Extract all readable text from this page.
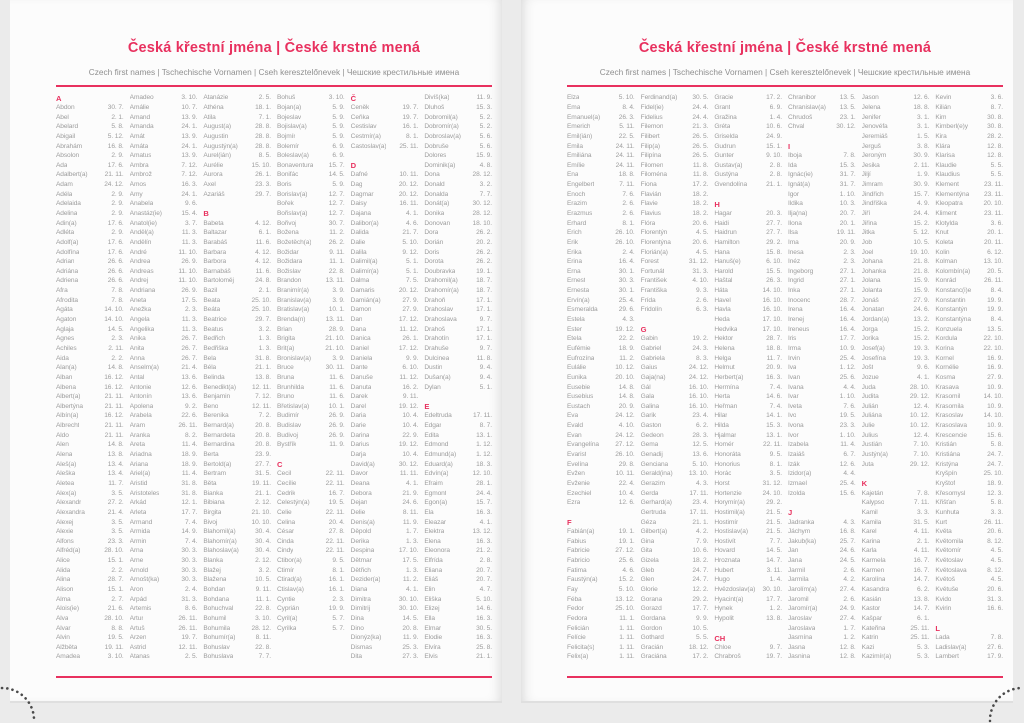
Česká křestní jména | České krstné mená
Czech first names | Tschechische Vornamen | Cseh keresztelőnevek | Чешские крестильные имена
A
Abdon	30. 7.
Ábel	2. 1.
Abelard	5. 8.
Abigail	5. 12.
Abrahám	16. 8.
Absolon	2. 9.
Ada	17. 6.
Adalbert(a)	21. 11.
Adam	24. 12.
Adéla	2. 9.
Adelaida	2. 9.
Adelina	2. 9.
Adin(a)	17. 6.
Adléta	2. 9.
Adolf(a)	17. 6.
Adolfína	17. 6.
Adrian	26. 6.
Adriána	26. 6.
Adriena	26. 6.
Afra	7. 8.
Afrodita	7. 8.
Agáta	14. 10.
Agaton	14. 10.
Aglaja	14. 5.
Agnes	2. 3.
Achiles	2. 11.
Aida	2. 2.
Alan(a)	14. 8.
Alban	16. 12.
Albena	16. 12.
Albert(a)	21. 11.
Albertýna	21. 11.
Albín(a)	16. 12.
Albrecht	21. 11.
Aldo	21. 11.
Alen	14. 8.
Alena	13. 8.
Aleš(a)	13. 4.
Aleška	13. 4.
Aletea	11. 7.
Alex(a)	3. 5.
Alexandr	27. 2.
Alexandra	21. 4.
Alexej	3. 5.
Alexie	3. 5.
Alfons	23. 3.
Alfréd(a)	28. 10.
Alice	15. 1.
Alida	2. 2.
Alina	28. 7.
Alison	15. 1.
Alma	2. 7.
Alois(ie)	21. 6.
Alva	28. 10.
Alvar	8. 8.
Alvin	19. 5.
Alžběta	19. 11.
Amadea	3. 10.
Amadeo	3. 10.
Amálie	10. 7.
Amand	13. 9.
Amanda	24. 1.
Amát	13. 9.
Amáta	24. 1.
Amatus	13. 9.
Ambra	7. 12.
Ambrož	7. 12.
Ámos	16. 3.
Amy	24. 1.
Anabela	9. 6.
Anastáz(ie)	15. 4.
Anatol(ie)	3. 7.
Anděl(a)	11. 3.
Andělín	11. 3.
André	11. 10.
Andrea	26. 9.
Andreas	11. 10.
Andrej	11. 10.
Andriana	26. 9.
Aneta	17. 5.
Anežka	2. 3.
Angela	11. 3.
Angelika	11. 3.
Anika	26. 7.
Anita	26. 7.
Anna	26. 7.
Anselm(a)	21. 4.
Antal	13. 6.
Antonie	12. 6.
Antonín	13. 6.
Apolena	9. 2.
Arabela	22. 6.
Aram	26. 11.
Aranka	8. 2.
Areta	11. 4.
Ariadna	18. 9.
Ariana	18. 9.
Ariel(a)	11. 4.
Aristid	31. 8.
Aristoteles	31. 8.
Arkád	12. 1.
Arleta	17. 7.
Armand	7. 4.
Armida	14. 9.
Armin	7. 4.
Arna	30. 3.
Arne	30. 3.
Arnold	30. 3.
Arnošt(ka)	30. 3.
Áron	2. 4.
Arpád	31. 3.
Artemis	8. 6.
Artur	26. 11.
Artuš	26. 11.
Arzen	19. 7.
Astrid	12. 11.
Atanas	2. 5.
Atanázie	2. 5.
Athéna	18. 1.
Atila	7. 1.
August(a)	28. 8.
Augustin	28. 8.
Augustýn(a)	28. 8.
Aurel(ián)	8. 5.
Aurélie	15. 10.
Aurora	26. 1.
Axel	23. 3.
Azariáš	29. 7.
B
Babeta	4. 12.
Baltazar	6. 1.
Barabáš	11. 6.
Barbara	4. 12.
Barbora	4. 12.
Barnabáš	11. 6.
Bartoloměj	24. 8.
Bazil	2. 1.
Beata	25. 10.
Beáta	25. 10.
Beatrice	29. 7.
Beatus	3. 2.
Bedřich	1. 3.
Bedřiška	1. 3.
Bela	31. 8.
Béla	21. 1.
Belinda	13. 8.
Benedikt(a) 12. 11.
Benjamin	7. 12.
Beno	12. 11.
Berenika	7. 2.
Bernard(a)	20. 8.
Bernardeta	20. 8.
Bernardina	20. 8.
Berta	23. 9.
Bertold(a)	27. 7.
Bertram	31. 5.
Běta	19. 11.
Bianka	21. 1.
Bibiana	2. 12.
Birgita	21. 10.
Bivoj	10. 10.
Blahomil(a)	30. 4.
Blahomír(a)	30. 4.
Blahoslav(a) 30. 4.
Blanka	2. 12.
Blažej	3. 2.
Blažena	10. 5.
Bohdan	9. 11.
Bohdana	11. 1.
Bohuchval	22. 8.
Bohumil	3. 10.
Bohumila	28. 12.
Bohumír(a)	8. 11.
Bohuslav	22. 8.
Bohuslava	7. 7.
Bohuš	3. 10.
Bojan(a)	5. 9.
Bojeslav	5. 9.
Bojislav(a)	5. 9.
Bojmír	5. 9.
Bolemír	6. 9.
Boleslav(a)	6. 9.
Bonaventura 15. 7.
Bonifác	14. 5.
Boris	5. 9.
Borislav(a)	12. 7.
Bořek	12. 7.
Bořislav(a)	12. 7.
Bořivoj	30. 7.
Božena	11. 2.
Božetěch(a)	26. 2.
Božidar	9. 11.
Božidara	11. 1.
Božislav	22. 8.
Brandon	13. 11.
Branimír(a)	3. 9.
Branislav(a)	3. 9.
Bratislav(a)	10. 1.
Brenda(n)	13. 11.
Brian	28. 9.
Brigita	21. 10.
Brit(a)	21. 10.
Bronislav(a)	3. 9.
Bruce	30. 11.
Bruna	11. 6.
Brunhilda	11. 6.
Bruno	11. 6.
Břetislav(a)	10. 1.
Budimír	26. 9.
Budislav	26. 9.
Budivoj	26. 9.
Bystřík	11. 9.
C
Cecil	22. 11.
Cecílie	22. 11.
Cedrik	16. 7.
Celestýn(a)	19. 5.
Celie	22. 11.
Celina	20. 4.
César	27. 8.
Cinda	22. 11.
Cindy	22. 11.
Ctibor(a)	9. 5.
Ctimír	8. 1.
Ctirad(a)	16. 1.
Ctislav(a)	16. 1.
Cyntie	2. 3.
Cyprián	19. 9.
Cyril(a)	5. 7.
Cyrilka	5. 7.
Č
Čeněk	19. 7.
Čeňka	19. 7.
Čestislav	16. 1.
Čestmír(a)	8. 1.
Častoslav(a) 25. 11.
D
Dafné	10. 11.
Dag	20. 12.
Dagmar	20. 12.
Daisy	16. 11.
Dajana	4. 1.
Dalibor(a)	4. 6.
Dalida	21. 7.
Dalie	5. 10.
Dalila	9. 12.
Dalimil(a)	5. 1.
Dalimír(a)	5. 1.
Dalma	7. 5.
Damaris	20. 12.
Damián(a)	27. 9.
Damon	27. 9.
Dan	17. 12.
Dana	11. 12.
Danica	26. 1.
Daniel	17. 12.
Daniela	9. 9.
Dante	6. 10.
Danuše	11. 12.
Danuta	16. 2.
Darek	9. 11.
Darel	19. 12.
Daria	10. 4.
Darie	10. 4.
Darina	22. 9.
Darius	19. 12.
Darja	10. 4.
David(a)	30. 12.
Davor	11. 11.
Deana	4. 1.
Debora	21. 9.
Dejan	24. 6.
Delie	8. 11.
Denis(a)	11. 9.
Děpold	1. 7.
Derika	1. 3.
Despina	17. 10.
Dětmar	17. 5.
Dětřich	1. 3.
Dezider(a)	11. 2.
Diana	4. 1.
Dimitra	30. 10.
Dimitrij	30. 10.
Dina	14. 5.
Dino	20. 8.
Dionýz(ka)	11. 9.
Dismas	25. 3.
Dita	27. 3.
Divíš(ka)	11. 9.
Dluhoš	15. 3.
Dobromil(a)	5. 2.
Dobromír(a)	5. 2.
Dobroslav(a)	5. 6.
Dobruše	5. 6.
Dolores	15. 9.
Dominik(a)	4. 8.
Dona	28. 12.
Donald	3. 2.
Donalda	7. 7.
Donát(a)	30. 12.
Donika	28. 12.
Donovan	18. 10.
Dora	26. 2.
Dorián	20. 2.
Doris	26. 2.
Dorota	26. 2.
Doubravka	19. 1.
Drahomil(a)	18. 7.
Drahomír(a)	18. 7.
Drahoň	17. 1.
Drahoslav	17. 1.
Drahoslava	9. 7.
Drahoš	17. 1.
Drahotín	17. 1.
Drahuše	9. 7.
Dulcinea	11. 8.
Dustin	9. 4.
Dušan(a)	9. 4.
Dylan	5. 1.
E
Edeltruda	17. 11.
Edgar	8. 7.
Edita	13. 1.
Edmond	1. 12.
Edmund(a)	1. 12.
Eduard(a)	18. 3.
Edvín(a)	12. 10.
Efraim	28. 1.
Egmont	24. 4.
Egon(a)	15. 7.
Ela	16. 3.
Eleazar	4. 1.
Elektra	13. 12.
Elena	16. 3.
Eleonora	21. 2.
Elfrída	2. 8.
Eliana	20. 7.
Eliáš	20. 7.
Elin	4. 7.
Eliška	5. 10.
Elizej	14. 6.
Ella	16. 3.
Elmar	30. 5.
Elodie	16. 3.
Elvíra	25. 8.
Elvis	21. 1.
Česká křestní jména | České krstné mená
Czech first names | Tschechische Vornamen | Cseh keresztelőnevek | Чешские крестильные имена
Elza	5. 10.
Ema	8. 4.
Emanuel(a)	26. 3.
Emerich	5. 11.
Emil(ián)	22. 5.
Emila	24. 11.
Emiliána	24. 11.
Emílie	24. 11.
Ena	18. 8.
Engelbert	7. 11.
Enoch	7. 6.
Erazim	2. 6.
Erazmus	2. 6.
Erhard	8. 1.
Erich	26. 10.
Erik	26. 10.
Erika	2. 4.
Erina	16. 4.
Erna	30. 1.
Ernest	30. 3.
Ernesta	30. 1.
Ervín(a)	25. 4.
Esmeralda	29. 6.
Estela	4. 3.
Ester	19. 12.
Etela	22. 2.
Eufémie	18. 9.
Eufrozína	11. 2.
Eulálie	10. 12.
Eunika	20. 10.
Eusebie	14. 8.
Eusebius	14. 8.
Eustach	20. 9.
Eva	24. 12.
Evald	4. 10.
Evan	24. 12.
Evangelína 27. 12.
Evarist	26. 10.
Evelína	29. 8.
Evžen	10. 11.
Evženie	22. 4.
Ezechiel	10. 4.
Ezra	12. 6.
F
Fabián(a)	19. 1.
Fabius	19. 1.
Fabricie	27. 12.
Fabricio	25. 6.
Fatima	4. 6.
Faustýn(a)	15. 2.
Fay	5. 10.
Féba	13. 12.
Fedor	25. 10.
Fedora	11. 1.
Felicián	1. 11.
Felície	1. 11.
Felicita(s)	1. 11.
Felix(a)	1. 11.
Ferdinand(a) 30. 5.
Fidel(ie)	24. 4.
Fidelius	24. 4.
Filemon	21. 3.
Filibert	26. 5.
Filip(a)	26. 5.
Filipína	26. 5.
Filomen	11. 8.
Filoména	11. 8.
Fiona	17. 2.
Flavián	18. 2.
Flavie	18. 2.
Flavius	18. 2.
Flóra	20. 6.
Florentýn	4. 5.
Florentýna	20. 6.
Florián(a)	4. 5.
Forest	31. 12.
Fortunát	31. 3.
František	4. 10.
Františka	9. 3.
Frída	2. 6.
Fridolín	6. 3.
G
Gabin	19. 2.
Gabriel	24. 3.
Gabriela	8. 3.
Gaius	24. 12.
Gaja(na)	24. 12.
Gál	16. 10.
Gala	16. 10.
Galina	16. 10.
Garik	23. 4.
Gaston	6. 2.
Gedeon	28. 3.
Gema	12. 5.
Genadij	13. 6.
Genciana	5. 10.
Gerald(ina) 13. 10.
Gerazim	4. 3.
Gerda	17. 11.
Gerhard(a)	23. 4.
Gertruda	17. 11.
Géza	21. 1.
Gilbert(a)	4. 2.
Gina	7. 9.
Gita	10. 6.
Gizela	18. 2.
Gleb	24. 7.
Glen	24. 7.
Glorie	12. 2.
Gorana	29. 2.
Gorazd	17. 7.
Gordana	9. 9.
Gordon	10. 5.
Gothard	5. 5.
Gracián	18. 12.
Graciána	17. 2.
Gracie	17. 2.
Grant	6. 9.
Gražina	1. 4.
Gréta	10. 6.
Griselda	24. 9.
Gudrun	15. 1.
Gunter	9. 10.
Gustav(a)	2. 8.
Gustýna	2. 8.
Gvendolína	21. 1.
H
Hagar	20. 3.
Haidi	27. 7.
Haidrun	27. 7.
Hamilton	29. 2.
Hana	15. 8.
Hanuš(e)	6. 10.
Harold	15. 5.
Haštal	26. 3.
Háta	14. 10.
Havel	16. 10.
Havla	16. 10.
Heda	17. 10.
Hedvika	17. 10.
Hektor	28. 7.
Helena	18. 8.
Helga	11. 7.
Helmut	20. 9.
Herbert(a)	16. 3.
Hermína	7. 4.
Herta	14. 6.
Heřman	7. 4.
Hilar	14. 1.
Hilda	15. 3.
Hjalmar	13. 1.
Homér	22. 11.
Honoráta	9. 5.
Honorius	8. 1.
Horác	3. 5.
Horst	31. 12.
Hortenzie	24. 10.
Horymír(a)	29. 2.
Hostimil(a)	21. 5.
Hostimír	21. 5.
Hostislav(a)	21. 5.
Hostivít	7. 7.
Hovard	14. 5.
Hroznata	14. 7.
Hubert	3. 11.
Hugo	1. 4.
Hvězdoslav(a) 30. 10.
Hyacint(a)	17. 7.
Hynek	1. 2.
Hypolit	13. 8.
CH
Chloe	9. 7.
Chrabroš	19. 7.
Chranibor	13. 5.
Chranislav(a) 13. 5.
Chrudoš	23. 1.
Chval	30. 12.
I
Iboja	7. 8.
Ida	15. 3.
Ignác(ie)	31. 7.
Ignát(a)	31. 7.
Igor	1. 10.
Ildika	10. 3.
Ilja(na)	20. 7.
Ilona	20. 1.
Ilsa	19. 11.
Ima	20. 9.
Inesa	2. 3.
Inéz	2. 3.
Ingeborg	27. 1.
Ingrid	27. 1.
Inka	27. 1.
Inocenc	28. 7.
Irena	16. 4.
Irenej	16. 4.
Ireneus	16. 4.
Iris	17. 7.
Irma	10. 9.
Irvin	25. 4.
Iva	1. 12.
Ivan	25. 6.
Ivana	4. 4.
Ivar	1. 10.
Iveta	7. 6.
Ivo	19. 5.
Ivona	23. 3.
Ivor	1. 10.
Izabela	11. 4.
Izaiáš	6. 7.
Izák	12. 6.
Izidor(a)	4. 4.
Izmael	25. 4.
Izolda	15. 6.
J
Jadranka	4. 3.
Jáchym	16. 8.
Jakub(ka)	25. 7.
Jan	24. 6.
Jana	24. 5.
Jarmil	2. 6.
Jarmila	4. 2.
Jarolím(a)	27. 4.
Jaromil	2. 6.
Jaromír(a)	24. 9.
Jaroslav	27. 4.
Jaroslava	1. 7.
Jasmína	1. 2.
Jasna	12. 8.
Jasnina	12. 8.
Jason	12. 6.
Jelena	18. 8.
Jenifer	3. 1.
Jenovéfa	3. 1.
Jeremiáš	1. 5.
Jerguš	3. 8.
Jeroným	30. 9.
Jesika	2. 11.
Jiljí	1. 9.
Jimram	30. 9.
Jindřich	15. 7.
Jindřiška	4. 9.
Jiří	24. 4.
Jiřina	15. 2.
Jitka	5. 12.
Job	10. 5.
Joel	19. 10.
Johana	21. 8.
Johanka	21. 8.
Jolana	15. 9.
Jolanta	15. 9.
Jonáš	27. 9.
Jonatan	24. 6.
Jordan(a)	13. 2.
Jorga	15. 2.
Jorika	15. 2.
Josef(a)	19. 3.
Josefína	19. 3.
Jošt	9. 6.
Jozue	4. 1.
Juda	28. 10.
Judita	29. 12.
Julián	12. 4.
Juliána	10. 12.
Julie	10. 12.
Julius	12. 4.
Justián	7. 10.
Justýn(a)	7. 10.
Juta	29. 12.
K
Kajetán	7. 8.
Kalypso	7. 11.
Kamil	3. 3.
Kamila	31. 5.
Karel	4. 11.
Karina	2. 1.
Karla	4. 11.
Karmela	16. 7.
Karmen	16. 7.
Karolína	14. 7.
Kasandra	6. 2.
Kasián	13. 8.
Kastor	14. 7.
Kašpar	6. 1.
Kateřina	25. 11.
Katrin	25. 11.
Kazi	5. 3.
Kazimír(a)	5. 3.
Kevin	3. 6.
Kilián	8. 7.
Kim	30. 8.
Kimberl(e)y	30. 8.
Kira	28. 2.
Klára	12. 8.
Klarisa	12. 8.
Klaudie	5. 5.
Klaudius	5. 5.
Klement	23. 11.
Klementýna 23. 11.
Kleopatra	20. 10.
Kliment	23. 11.
Klotylda	3. 6.
Knut	20. 1.
Koleta	20. 11.
Kolin	6. 12.
Kolman	13. 10.
Kolombín(a)	20. 5.
Konrád	26. 11.
Konstanc(i)e	8. 4.
Konstantin	19. 9.
Konstantýn	19. 9.
Konstantýna	8. 4.
Konzuela	13. 5.
Kordula	22. 10.
Korina	22. 10.
Kornel	16. 9.
Kornélie	16. 9.
Kosma	27. 9.
Krasava	10. 9.
Krasomil	14. 10.
Krasomila	10. 9.
Krasoslav	14. 10.
Krasoslava	10. 9.
Krescencie	15. 6.
Kristián	5. 8.
Kristiána	24. 7.
Kristýna	24. 7.
Kryšpín	25. 10.
Kryštof	18. 9.
Křesomysl	12. 3.
Křišťan	5. 8.
Kunhuta	3. 3.
Kurt	26. 11.
Květa	20. 6.
Květomila	8. 12.
Květomír	4. 5.
Květoslav	4. 5.
Květoslava	8. 12.
Květoš	4. 5.
Květuše	20. 6.
Kvido	31. 3.
Kvirin	16. 6.
L
Lada	7. 8.
Ladislav(a)	27. 6.
Lambert	17. 9.
